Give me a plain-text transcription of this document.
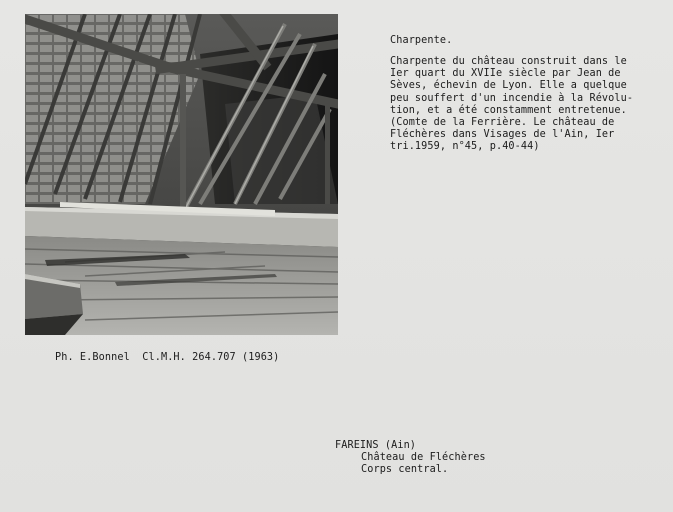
Charpente.
Charpente du château construit dans le
Ier quart du XVIIe siècle par Jean de
Sèves, échevin de Lyon. Elle a quelque
peu souffert d'un incendie à la Révolu-
tion, et a été constamment entretenue.
(Comte de la Ferrière. Le château de
Fléchères dans Visages de l'Ain, Ier
tri.1959, n°45, p.40-44)
Ph. E.Bonnel  Cl.M.H. 264.707 (1963)
FAREINS (Ain)
Château de Fléchères
Corps central.
